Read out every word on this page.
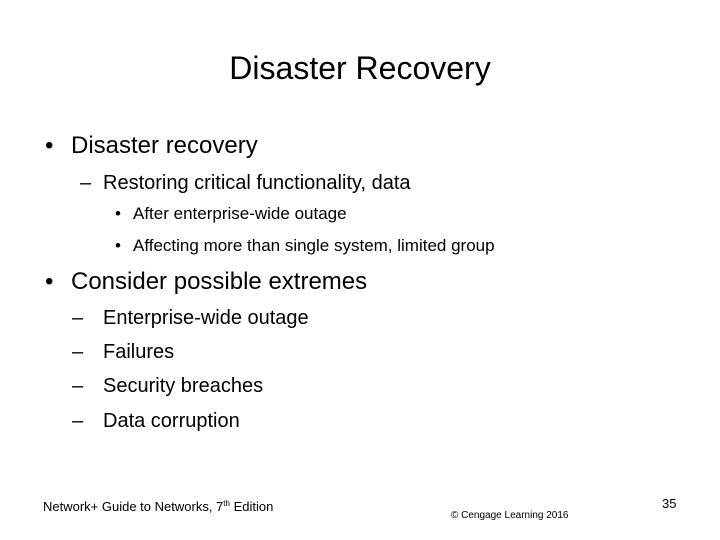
Disaster Recovery
• Disaster recovery
– Restoring critical functionality, data
• After enterprise-wide outage
• Affecting more than single system, limited group
• Consider possible extremes
– Enterprise-wide outage
– Failures
– Security breaches
– Data corruption
Network+ Guide to Networks, 7th Edition
© Cengage Learning 2016
35
